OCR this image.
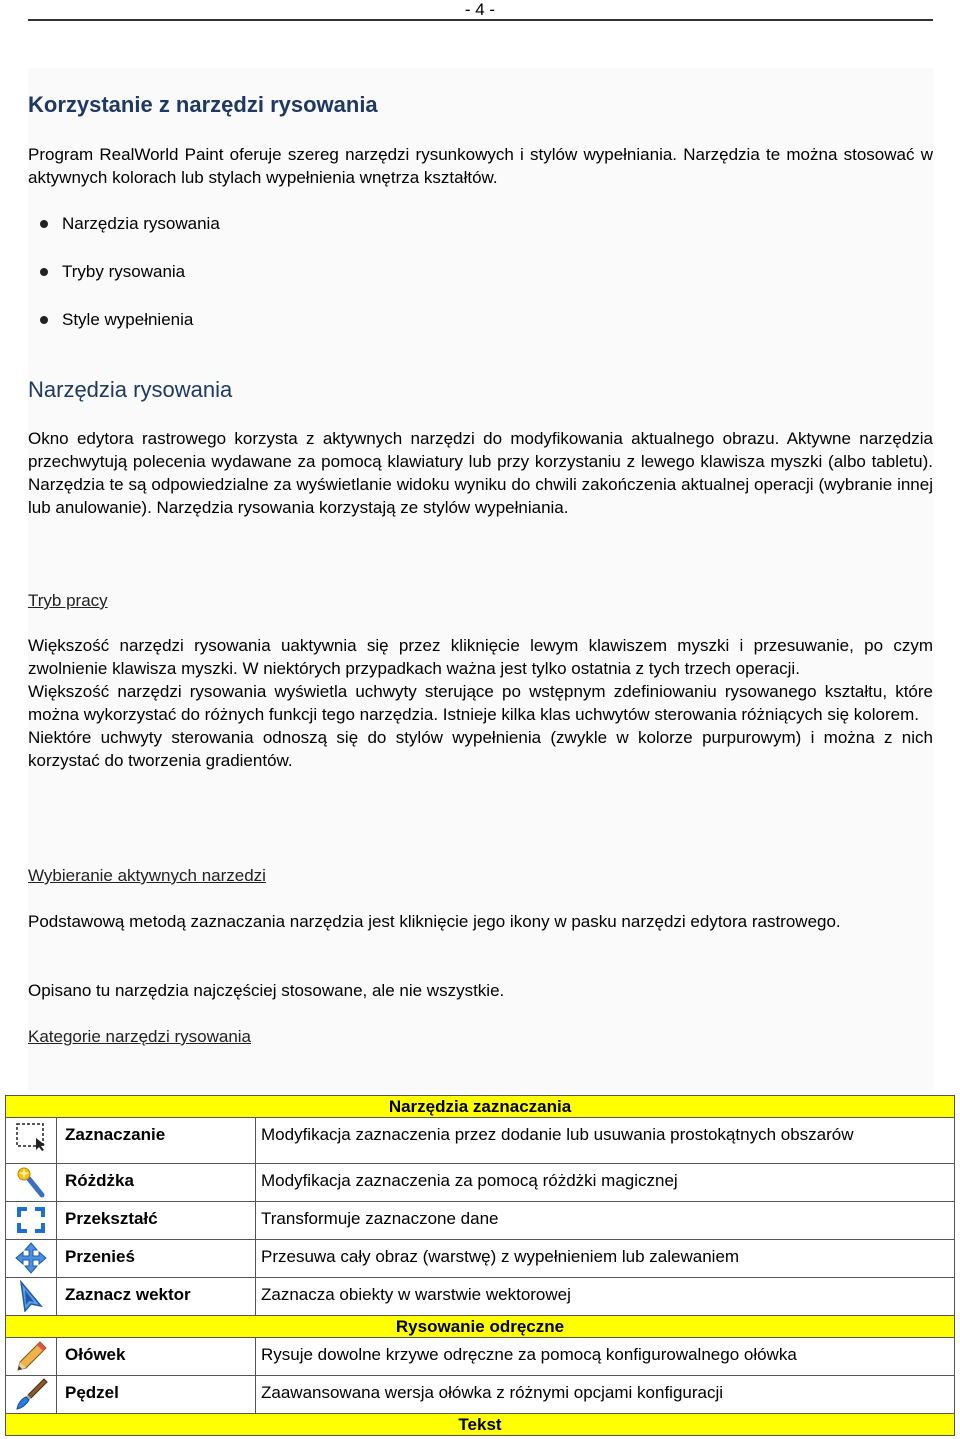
- 4 -
Korzystanie z narzędzi rysowania
Program RealWorld Paint oferuje szereg narzędzi rysunkowych i stylów wypełniania. Narzędzia te można stosować w aktywnych kolorach lub stylach wypełnienia wnętrza kształtów.
Narzędzia rysowania
Tryby rysowania
Style wypełnienia
Narzędzia rysowania
Okno edytora rastrowego korzysta z aktywnych narzędzi do modyfikowania aktualnego obrazu. Aktywne narzędzia przechwytują polecenia wydawane za pomocą klawiatury lub przy korzystaniu z lewego klawisza myszki (albo tabletu). Narzędzia te są odpowiedzialne za wyświetlanie widoku wyniku do chwili zakończenia aktualnej operacji (wybranie innej lub anulowanie). Narzędzia rysowania korzystają ze stylów wypełniania.
Tryb pracy

Większość narzędzi rysowania uaktywnia się przez kliknięcie lewym klawiszem myszki i przesuwanie, po czym zwolnienie klawisza myszki. W niektórych przypadkach ważna jest tylko ostatnia z tych trzech operacji.

Większość narzędzi rysowania wyświetla uchwyty sterujące po wstępnym zdefiniowaniu rysowanego kształtu, które można wykorzystać do różnych funkcji tego narzędzia. Istnieje kilka klas uchwytów sterowania różniących się kolorem.

Niektóre uchwyty sterowania odnoszą się do stylów wypełnienia (zwykle w kolorze purpurowym) i można z nich korzystać do tworzenia gradientów.

Wybieranie aktywnych narzedzi
Podstawową metodą zaznaczania narzędzia jest kliknięcie jego ikony w pasku narzędzi edytora rastrowego.
Opisano tu narzędzia najczęściej stosowane, ale nie wszystkie.
Kategorie narzędzi rysowania
Narzędzia zaznaczania		

	Zaznaczanie	Modyfikacja zaznaczenia przez dodanie lub usuwania prostokątnych obszarów

	Różdżka	Modyfikacja zaznaczenia za pomocą różdżki magicznej

	Przekształć	Transformuje zaznaczone dane

	Przenieś	Przesuwa cały obraz (warstwę) z wypełnieniem lub zalewaniem

	Zaznacz wektor	Zaznacza obiekty w warstwie wektorowej
Rysowanie odręczne		

	Ołówek	Rysuje dowolne krzywe odręczne za pomocą konfigurowalnego ołówka

	Pędzel	Zaawansowana wersja ołówka z różnymi opcjami konfiguracji
Tekst		
